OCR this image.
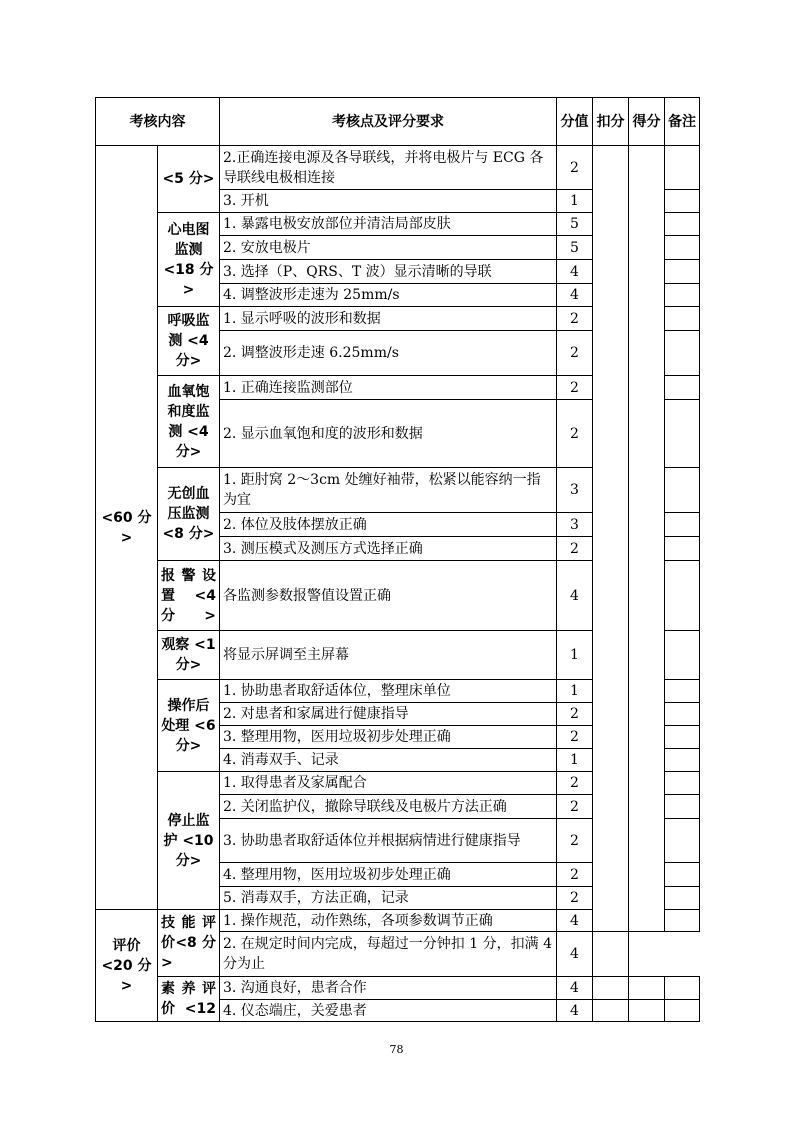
考核内容		考核点及评分要求	分值	扣分	得分	备注
<60 分>	<5 分>	2.正确连接电源及各导联线，并将电极片与 ECG 各导联线电极相连接	2			
		3. 开机	1			
	心电图监测 <18 分>	1. 暴露电极安放部位并清洁局部皮肤	5			
		2. 安放电极片	5			
		3. 选择（P、QRS、T 波）显示清晰的导联	4			
		4. 调整波形走速为 25mm/s	4			
	呼吸监测 <4 分>	1. 显示呼吸的波形和数据	2			
		2. 调整波形走速 6.25mm/s	2			
	血氧饱和度监测 <4 分>	1. 正确连接监测部位	2			
		2. 显示血氧饱和度的波形和数据	2			
	无创血压监测 <8 分>	1. 距肘窝 2～3cm 处缠好袖带，松紧以能容纳一指为宜	3			
		2. 体位及肢体摆放正确	3			
		3. 测压模式及测压方式选择正确	2			
	报警设置 <4 分>	各监测参数报警值设置正确	4			
	观察 <1 分>	将显示屏调至主屏幕	1			
	操作后处理 <6 分>	1. 协助患者取舒适体位，整理床单位	1			
		2. 对患者和家属进行健康指导	2			
		3. 整理用物，医用垃圾初步处理正确	2			
		4. 消毒双手、记录	1			
	停止监护 <10 分>	1. 取得患者及家属配合	2			
		2. 关闭监护仪，撤除导联线及电极片方法正确	2			
		3. 协助患者取舒适体位并根据病情进行健康指导	2			
		4. 整理用物，医用垃圾初步处理正确	2			
		5. 消毒双手，方法正确，记录	2			
评价 <20 分>	技能评价<8 分>	1. 操作规范，动作熟练，各项参数调节正确	4			
		2. 在规定时间内完成，每超过一分钟扣 1 分，扣满 4 分为止	4			
	素养评价 <12	3. 沟通良好，患者合作	4			
		4. 仪态端庄，关爱患者	4			
78
